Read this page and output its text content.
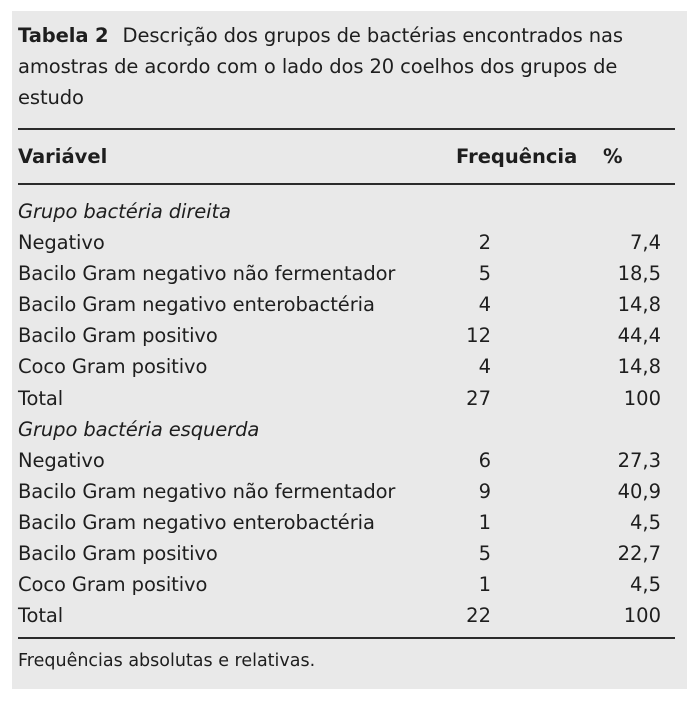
Tabela 2 Descrição dos grupos de bactérias encontrados nas amostras de acordo com o lado dos 20 coelhos dos grupos de estudo
Variável	Frequência %
Grupo bactéria direita
Negativo	2	7,4
Bacilo Gram negativo não fermentador	5	18,5
Bacilo Gram negativo enterobactéria	4	14,8
Bacilo Gram positivo	12	44,4
Coco Gram positivo	4	14,8
Total	27	100
Grupo bactéria esquerda
Negativo	6	27,3
Bacilo Gram negativo não fermentador	9	40,9
Bacilo Gram negativo enterobactéria	1	4,5
Bacilo Gram positivo	5	22,7
Coco Gram positivo	1	4,5
Total	22	100
Frequências absolutas e relativas.
